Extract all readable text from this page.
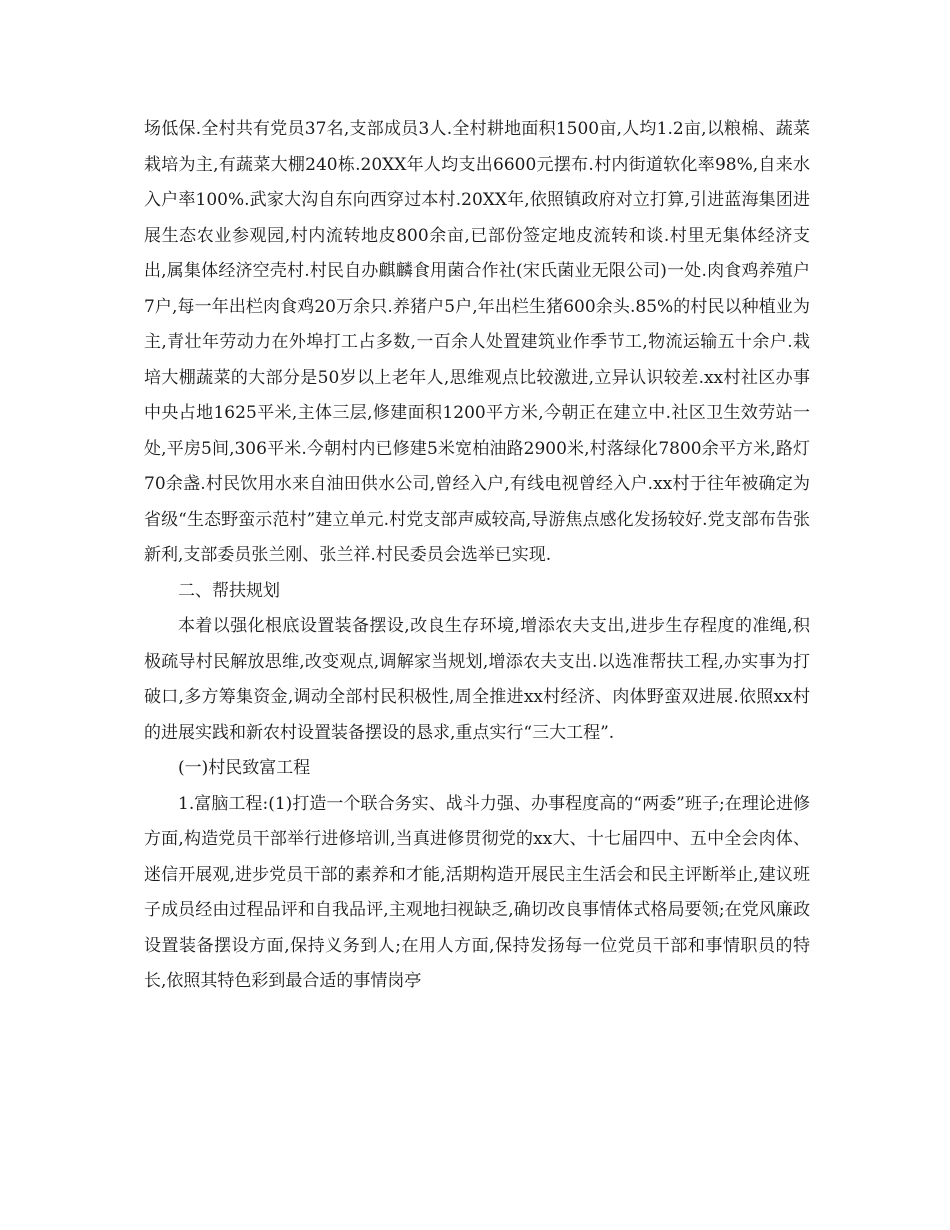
场低保.全村共有党员37名,支部成员3人.全村耕地面积1500亩,人均1.2亩,以粮棉、蔬菜栽培为主,有蔬菜大棚240栋.20XX年人均支出6600元摆布.村内街道软化率98%,自来水入户率100%.武家大沟自东向西穿过本村.20XX年,依照镇政府对立打算,引进蓝海集团进展生态农业参观园,村内流转地皮800余亩,已部份签定地皮流转和谈.村里无集体经济支出,属集体经济空壳村.村民自办麒麟食用菌合作社(宋氏菌业无限公司)一处.肉食鸡养殖户7户,每一年出栏肉食鸡20万余只.养猪户5户,年出栏生猪600余头.85%的村民以种植业为主,青壮年劳动力在外埠打工占多数,一百余人处置建筑业作季节工,物流运输五十余户.栽培大棚蔬菜的大部分是50岁以上老年人,思维观点比较激进,立异认识较差.xx村社区办事中央占地1625平米,主体三层,修建面积1200平方米,今朝正在建立中.社区卫生效劳站一处,平房5间,306平米.今朝村内已修建5米宽柏油路2900米,村落绿化7800余平方米,路灯70余盏.村民饮用水来自油田供水公司,曾经入户,有线电视曾经入户.xx村于往年被确定为省级“生态野蛮示范村”建立单元.村党支部声威较高,导游焦点感化发扬较好.党支部布告张新利,支部委员张兰刚、张兰祥.村民委员会选举已实现.

二、帮扶规划

本着以强化根底设置装备摆设,改良生存环境,增添农夫支出,进步生存程度的准绳,积极疏导村民解放思维,改变观点,调解家当规划,增添农夫支出.以选准帮扶工程,办实事为打破口,多方筹集资金,调动全部村民积极性,周全推进xx村经济、肉体野蛮双进展.依照xx村的进展实践和新农村设置装备摆设的恳求,重点实行“三大工程”.

(一)村民致富工程

1.富脑工程:(1)打造一个联合务实、战斗力强、办事程度高的“两委”班子;在理论进修方面,构造党员干部举行进修培训,当真进修贯彻党的xx大、十七届四中、五中全会肉体、迷信开展观,进步党员干部的素养和才能,活期构造开展民主生活会和民主评断举止,建议班子成员经由过程品评和自我品评,主观地扫视缺乏,确切改良事情体式格局要领;在党风廉政设置装备摆设方面,保持义务到人;在用人方面,保持发扬每一位党员干部和事情职员的特长,依照其特色彩到最合适的事情岗亭
